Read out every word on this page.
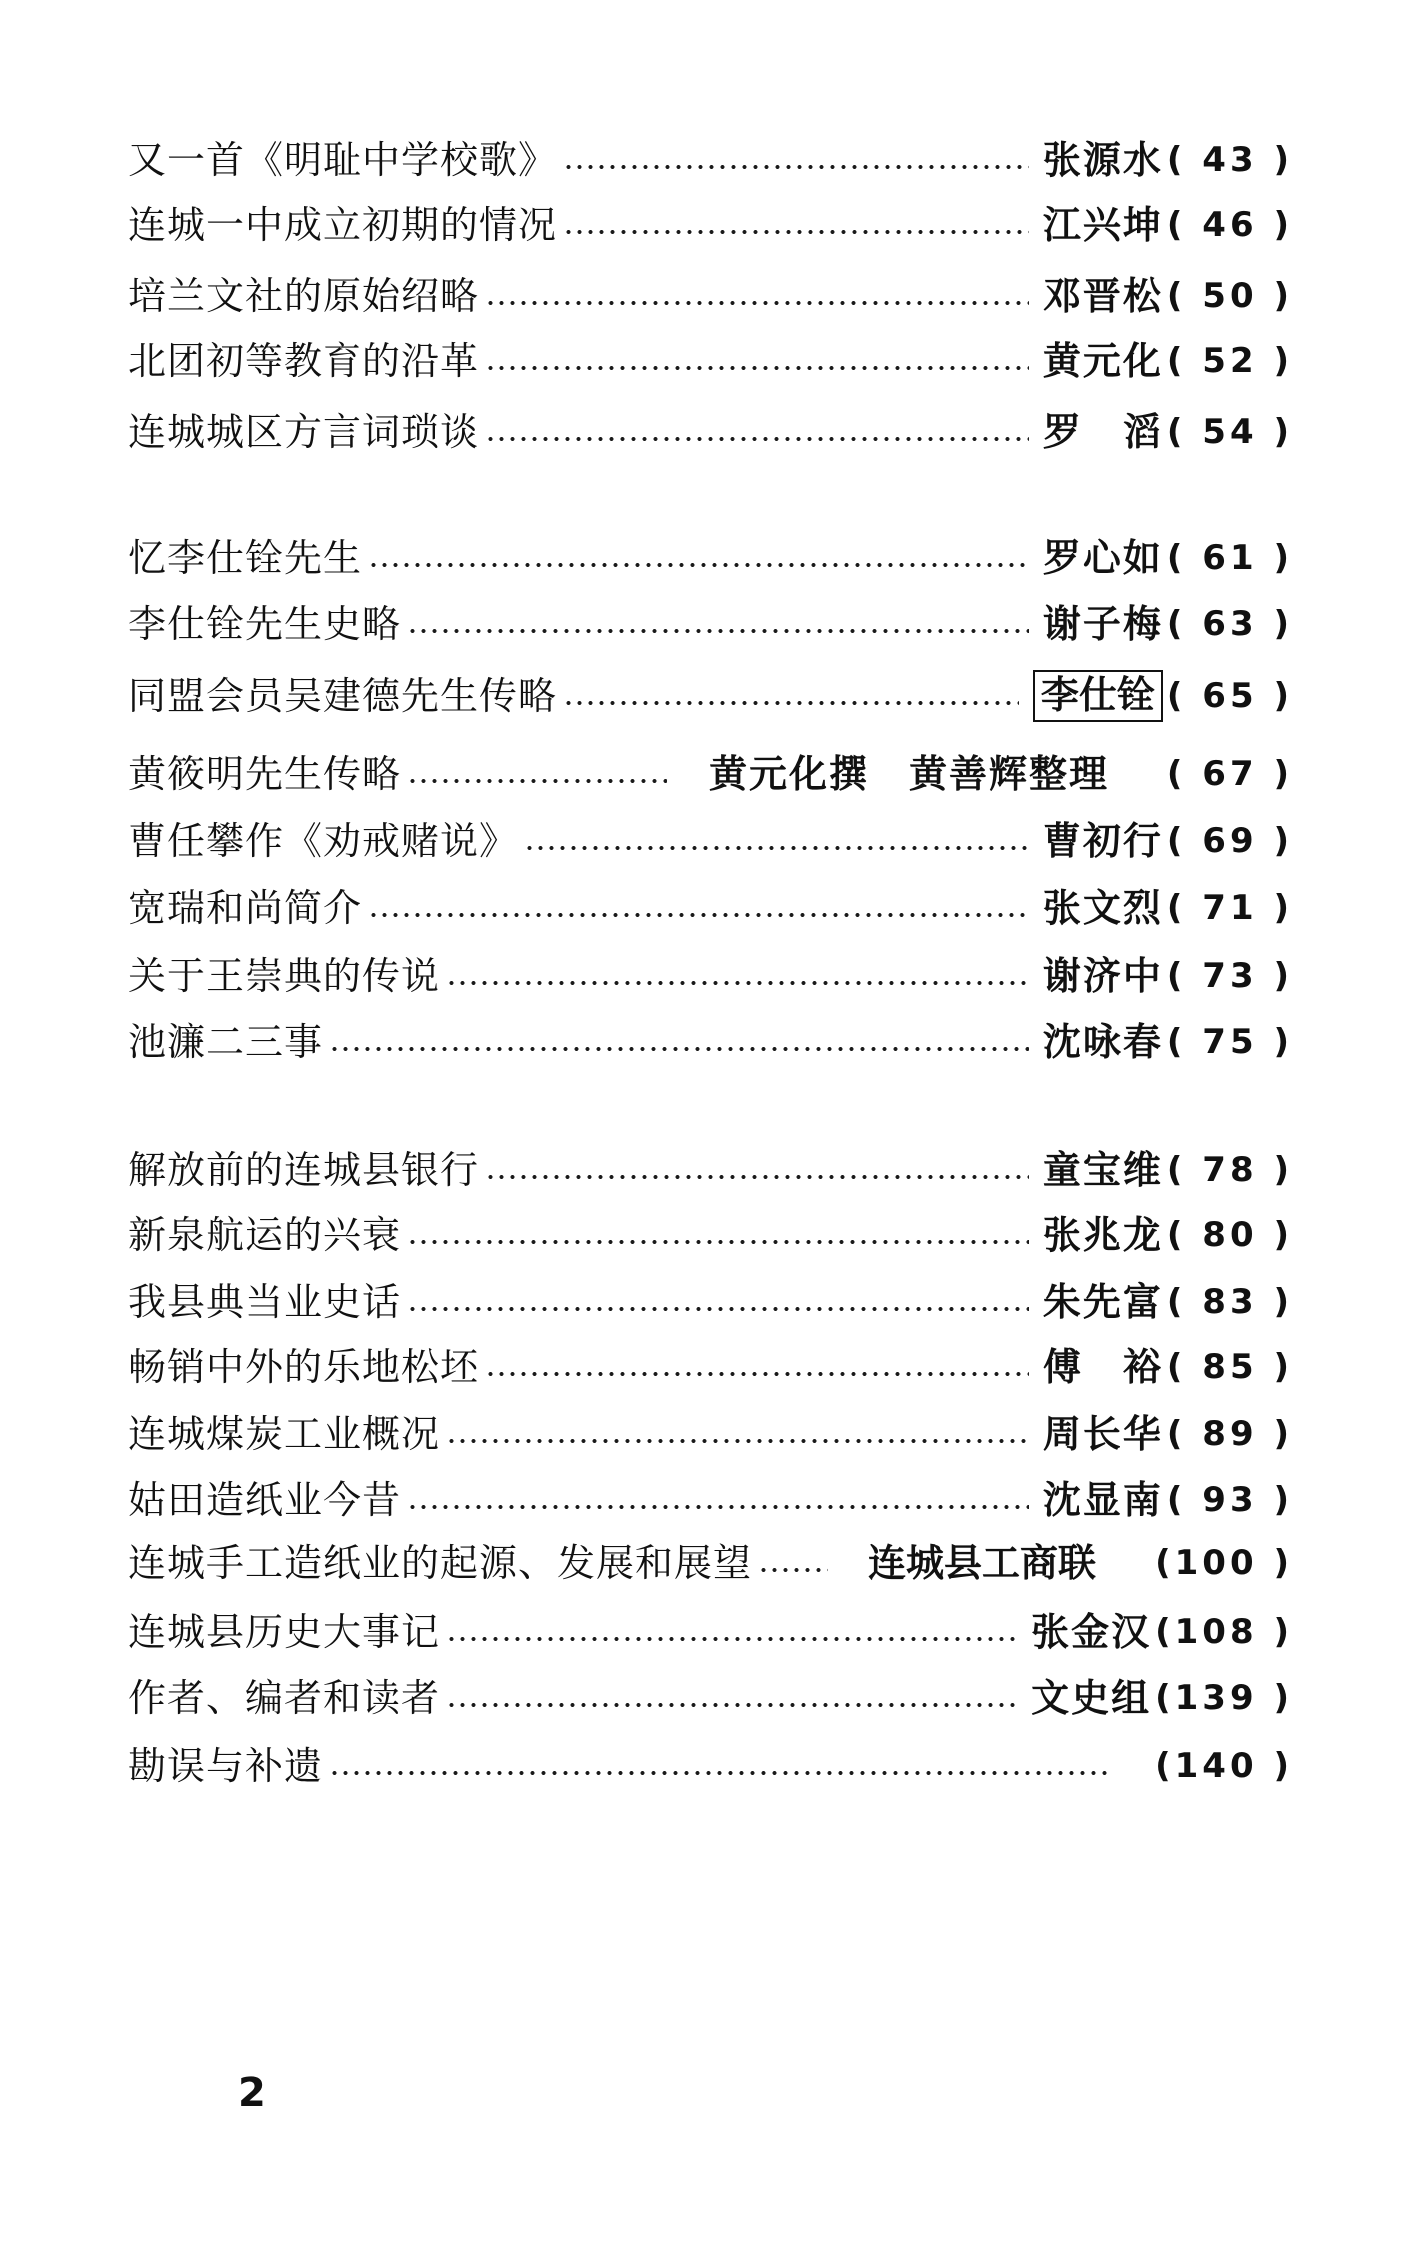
又一首《明耻中学校歌》	张源水 ( 43 )
连城一中成立初期的情况	江兴坤 ( 46 )
培兰文社的原始绍略	邓晋松 ( 50 )
北团初等教育的沿革	黄元化 ( 52 )
连城城区方言词琐谈	罗　滔 ( 54 )
忆李仕铨先生	罗心如 ( 61 )
李仕铨先生史略	谢子梅 ( 63 )
同盟会员吴建德先生传略	李仕铨 ( 65 )
黄筱明先生传略	黄元化撰 黄善辉整理 ( 67 )
曹任攀作《劝戒赌说》	曹初行 ( 69 )
宽瑞和尚简介	张文烈 ( 71 )
关于王崇典的传说	谢济中 ( 73 )
池濂二三事	沈咏春 ( 75 )
解放前的连城县银行	童宝维 ( 78 )
新泉航运的兴衰	张兆龙 ( 80 )
我县典当业史话	朱先富 ( 83 )
畅销中外的乐地松坯	傅　裕 ( 85 )
连城煤炭工业概况	周长华 ( 89 )
姑田造纸业今昔	沈显南 ( 93 )
连城手工造纸业的起源、发展和展望	连城县工商联 (100 )
连城县历史大事记	张金汉 (108 )
作者、编者和读者	文史组 (139 )
勘误与补遗	(140 )
2
